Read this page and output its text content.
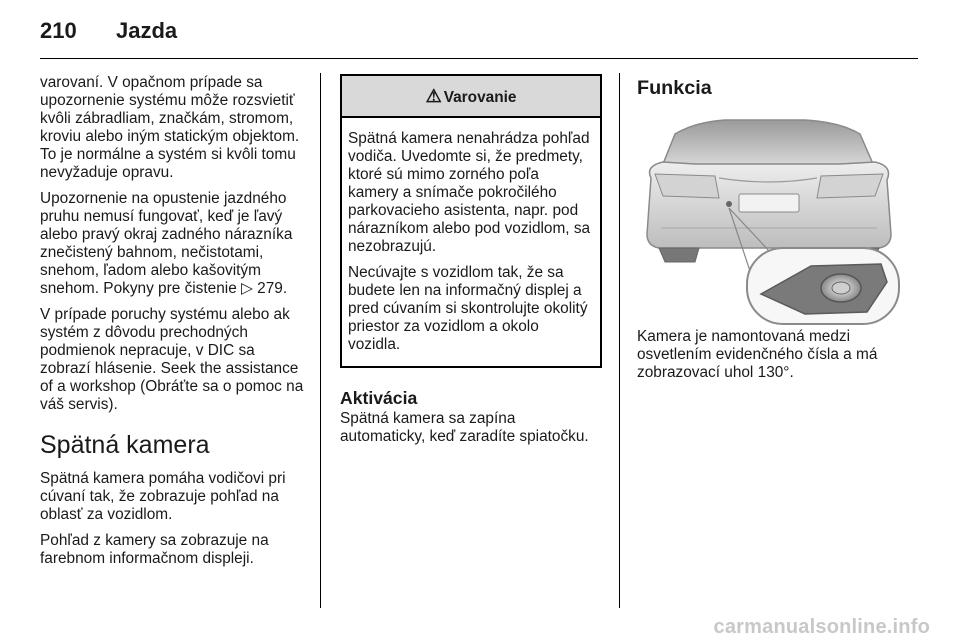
210 Jazda

varovaní. V opačnom prípade sa upozornenie systému môže rozsvietiť kvôli zábradliam, značkám, stromom, kroviu alebo iným statickým objektom. To je normálne a systém si kvôli tomu nevyžaduje opravu.

Upozornenie na opustenie jazdného pruhu nemusí fungovať, keď je ľavý alebo pravý okraj zadného nárazníka znečistený bahnom, nečistotami, snehom, ľadom alebo kašovitým snehom. Pokyny pre čistenie ▷ 279.

V prípade poruchy systému alebo ak systém z dôvodu prechodných podmienok nepracuje, v DIC sa zobrazí hlásenie. Seek the assistance of a workshop (Obráťte sa o pomoc na váš servis).

Spätná kamera

Spätná kamera pomáha vodičovi pri cúvaní tak, že zobrazuje pohľad na oblasť za vozidlom.

Pohľad z kamery sa zobrazuje na farebnom informačnom displeji.

⚠ Varovanie

Spätná kamera nenahrádza pohľad vodiča. Uvedomte si, že predmety, ktoré sú mimo zorného poľa kamery a snímače pokročilého parkovacieho asistenta, napr. pod nárazníkom alebo pod vozidlom, sa nezobrazujú.

Necúvajte s vozidlom tak, že sa budete len na informačný displej a pred cúvaním si skontrolujte okolitý priestor za vozidlom a okolo vozidla.

Aktivácia

Spätná kamera sa zapína automaticky, keď zaradíte spiatočku.

Funkcia

Kamera je namontovaná medzi osvetlením evidenčného čísla a má zobrazovací uhol 130°.

carmanualsonline.info
